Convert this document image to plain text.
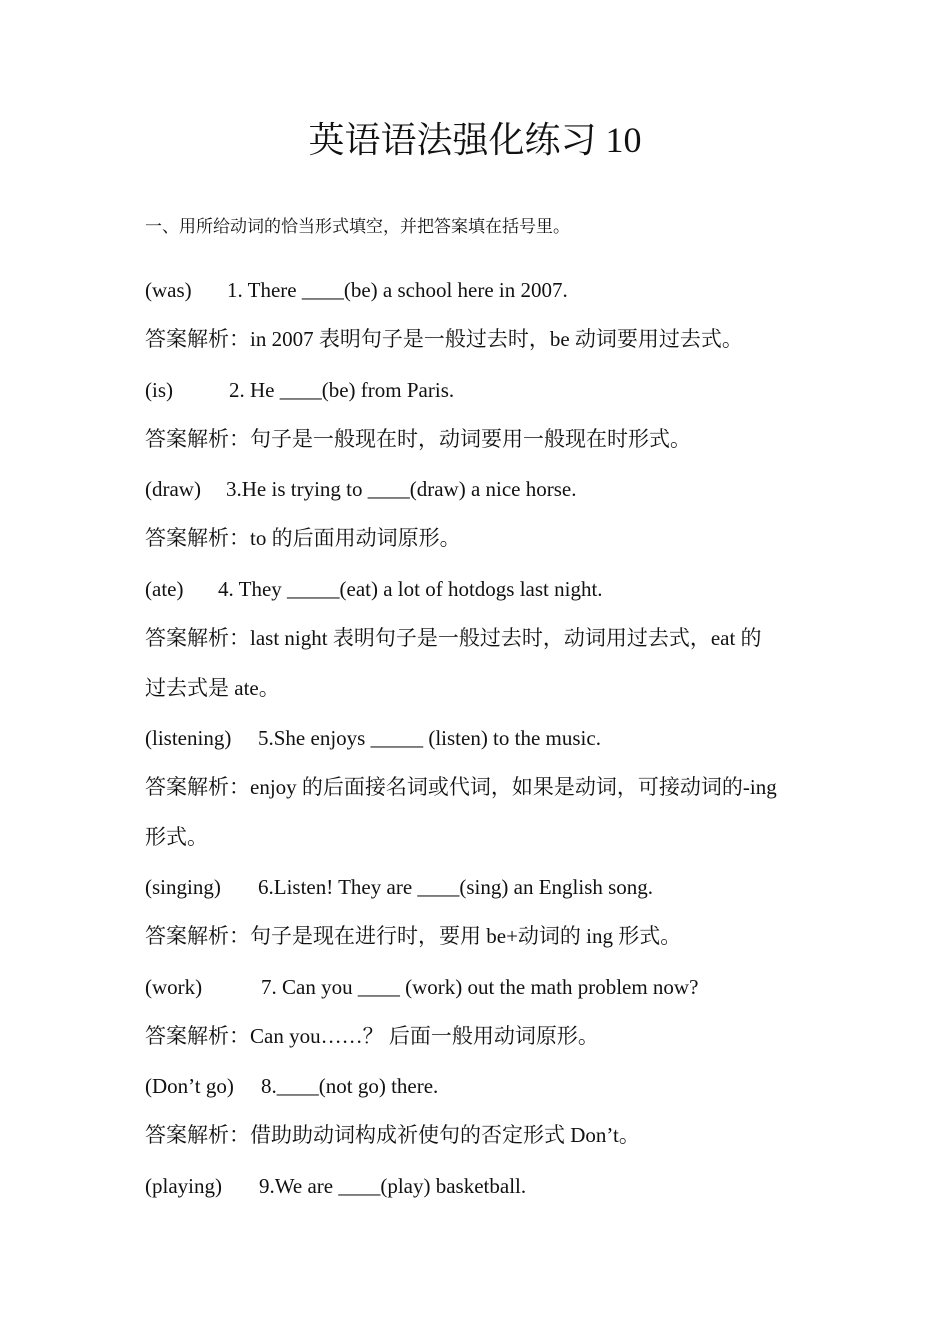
英语语法强化练习 10
一、用所给动词的恰当形式填空，并把答案填在括号里。
(was) 1. There ____(be) a school here in 2007.
答案解析：in 2007 表明句子是一般过去时，be 动词要用过去式。
(is)	2. He ____(be) from Paris.
答案解析：句子是一般现在时，动词要用一般现在时形式。
(draw) 3.He is trying to ____(draw) a nice horse.
答案解析：to 的后面用动词原形。
(ate) 4. They _____(eat) a lot of hotdogs last night.
答案解析：last night 表明句子是一般过去时，动词用过去式，eat 的
过去式是 ate。
(listening) 5.She enjoys _____ (listen) to the music.
答案解析：enjoy 的后面接名词或代词，如果是动词，可接动词的-ing
形式。
(singing) 6.Listen! They are ____(sing) an English song.
答案解析：句子是现在进行时，要用 be+动词的 ing 形式。
(work)	7. Can you ____ (work) out the math problem now?
答案解析：Can you……？ 后面一般用动词原形。
(Don’t go) 8.____(not go) there.
答案解析：借助助动词构成祈使句的否定形式 Don’t。
(playing) 9.We are ____(play) basketball.
